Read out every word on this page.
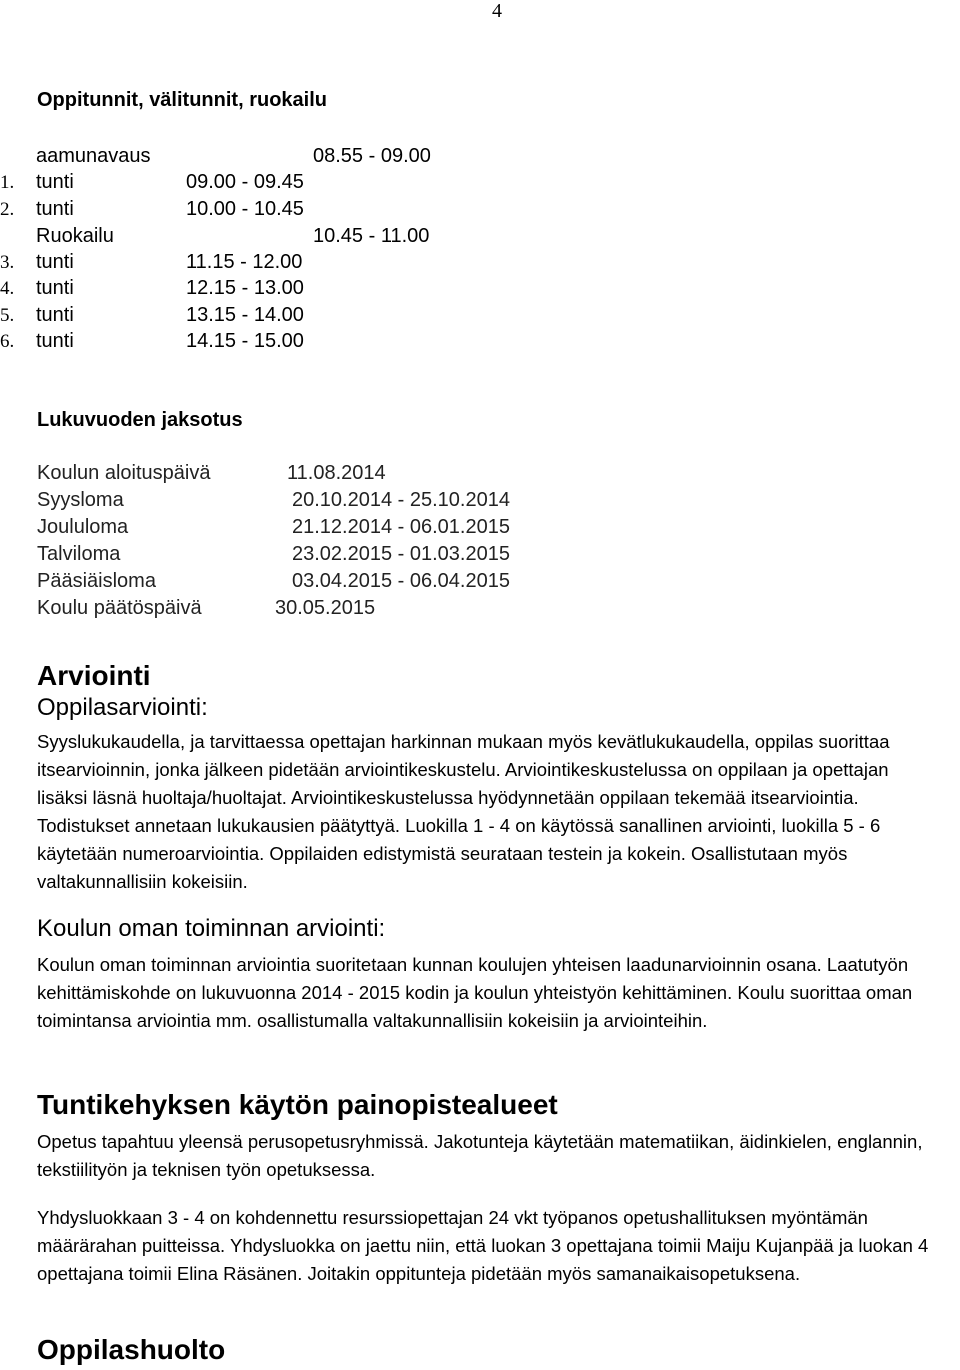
4
Oppitunnit, välitunnit, ruokailu
aamunavaus	08.55 - 09.00
1. tunti	09.00 - 09.45
2. tunti	10.00 - 10.45
Ruokailu	10.45 - 11.00
3. tunti	11.15 - 12.00
4. tunti	12.15 - 13.00
5. tunti	13.15 - 14.00
6. tunti	14.15 - 15.00
Lukuvuoden jaksotus
Koulun aloituspäivä	11.08.2014
Syysloma	20.10.2014 - 25.10.2014
Joululoma	21.12.2014 - 06.01.2015
Talviloma	23.02.2015 - 01.03.2015
Pääsiäisloma	03.04.2015 - 06.04.2015
Koulu päätöspäivä	30.05.2015
Arviointi
Oppilasarviointi:

Syyslukukaudella, ja tarvittaessa opettajan harkinnan mukaan myös kevätlukukaudella, oppilas suorittaa itsearvioinnin, jonka jälkeen pidetään arviointikeskustelu. Arviointikeskustelussa on oppilaan ja opettajan lisäksi läsnä huoltaja/huoltajat. Arviointikeskustelussa hyödynnetään oppilaan tekemää itsearviointia. Todistukset annetaan lukukausien päätyttyä. Luokilla 1 - 4 on käytössä sanallinen arviointi, luokilla 5 - 6 käytetään numeroarviointia. Oppilaiden edistymistä seurataan testein ja kokein. Osallistutaan myös valtakunnallisiin kokeisiin.

Koulun oman toiminnan arviointi:

Koulun oman toiminnan arviointia suoritetaan kunnan koulujen yhteisen laadunarvioinnin osana. Laatutyön kehittämiskohde on lukuvuonna 2014 - 2015 kodin ja koulun yhteistyön kehittäminen. Koulu suorittaa oman toimintansa arviointia mm. osallistumalla valtakunnallisiin kokeisiin ja arviointeihin.

Tuntikehyksen käytön painopistealueet

Opetus tapahtuu yleensä perusopetusryhmissä. Jakotunteja käytetään matematiikan, äidinkielen, englannin, tekstiilityön ja teknisen työn opetuksessa.

Yhdysluokkaan 3 - 4 on kohdennettu resurssiopettajan 24 vkt työpanos opetushallituksen myöntämän määrärahan puitteissa. Yhdysluokka on jaettu niin, että luokan 3 opettajana toimii Maiju Kujanpää ja luokan 4 opettajana toimii Elina Räsänen. Joitakin oppitunteja pidetään myös samanaikaisopetuksena.

Oppilashuolto
